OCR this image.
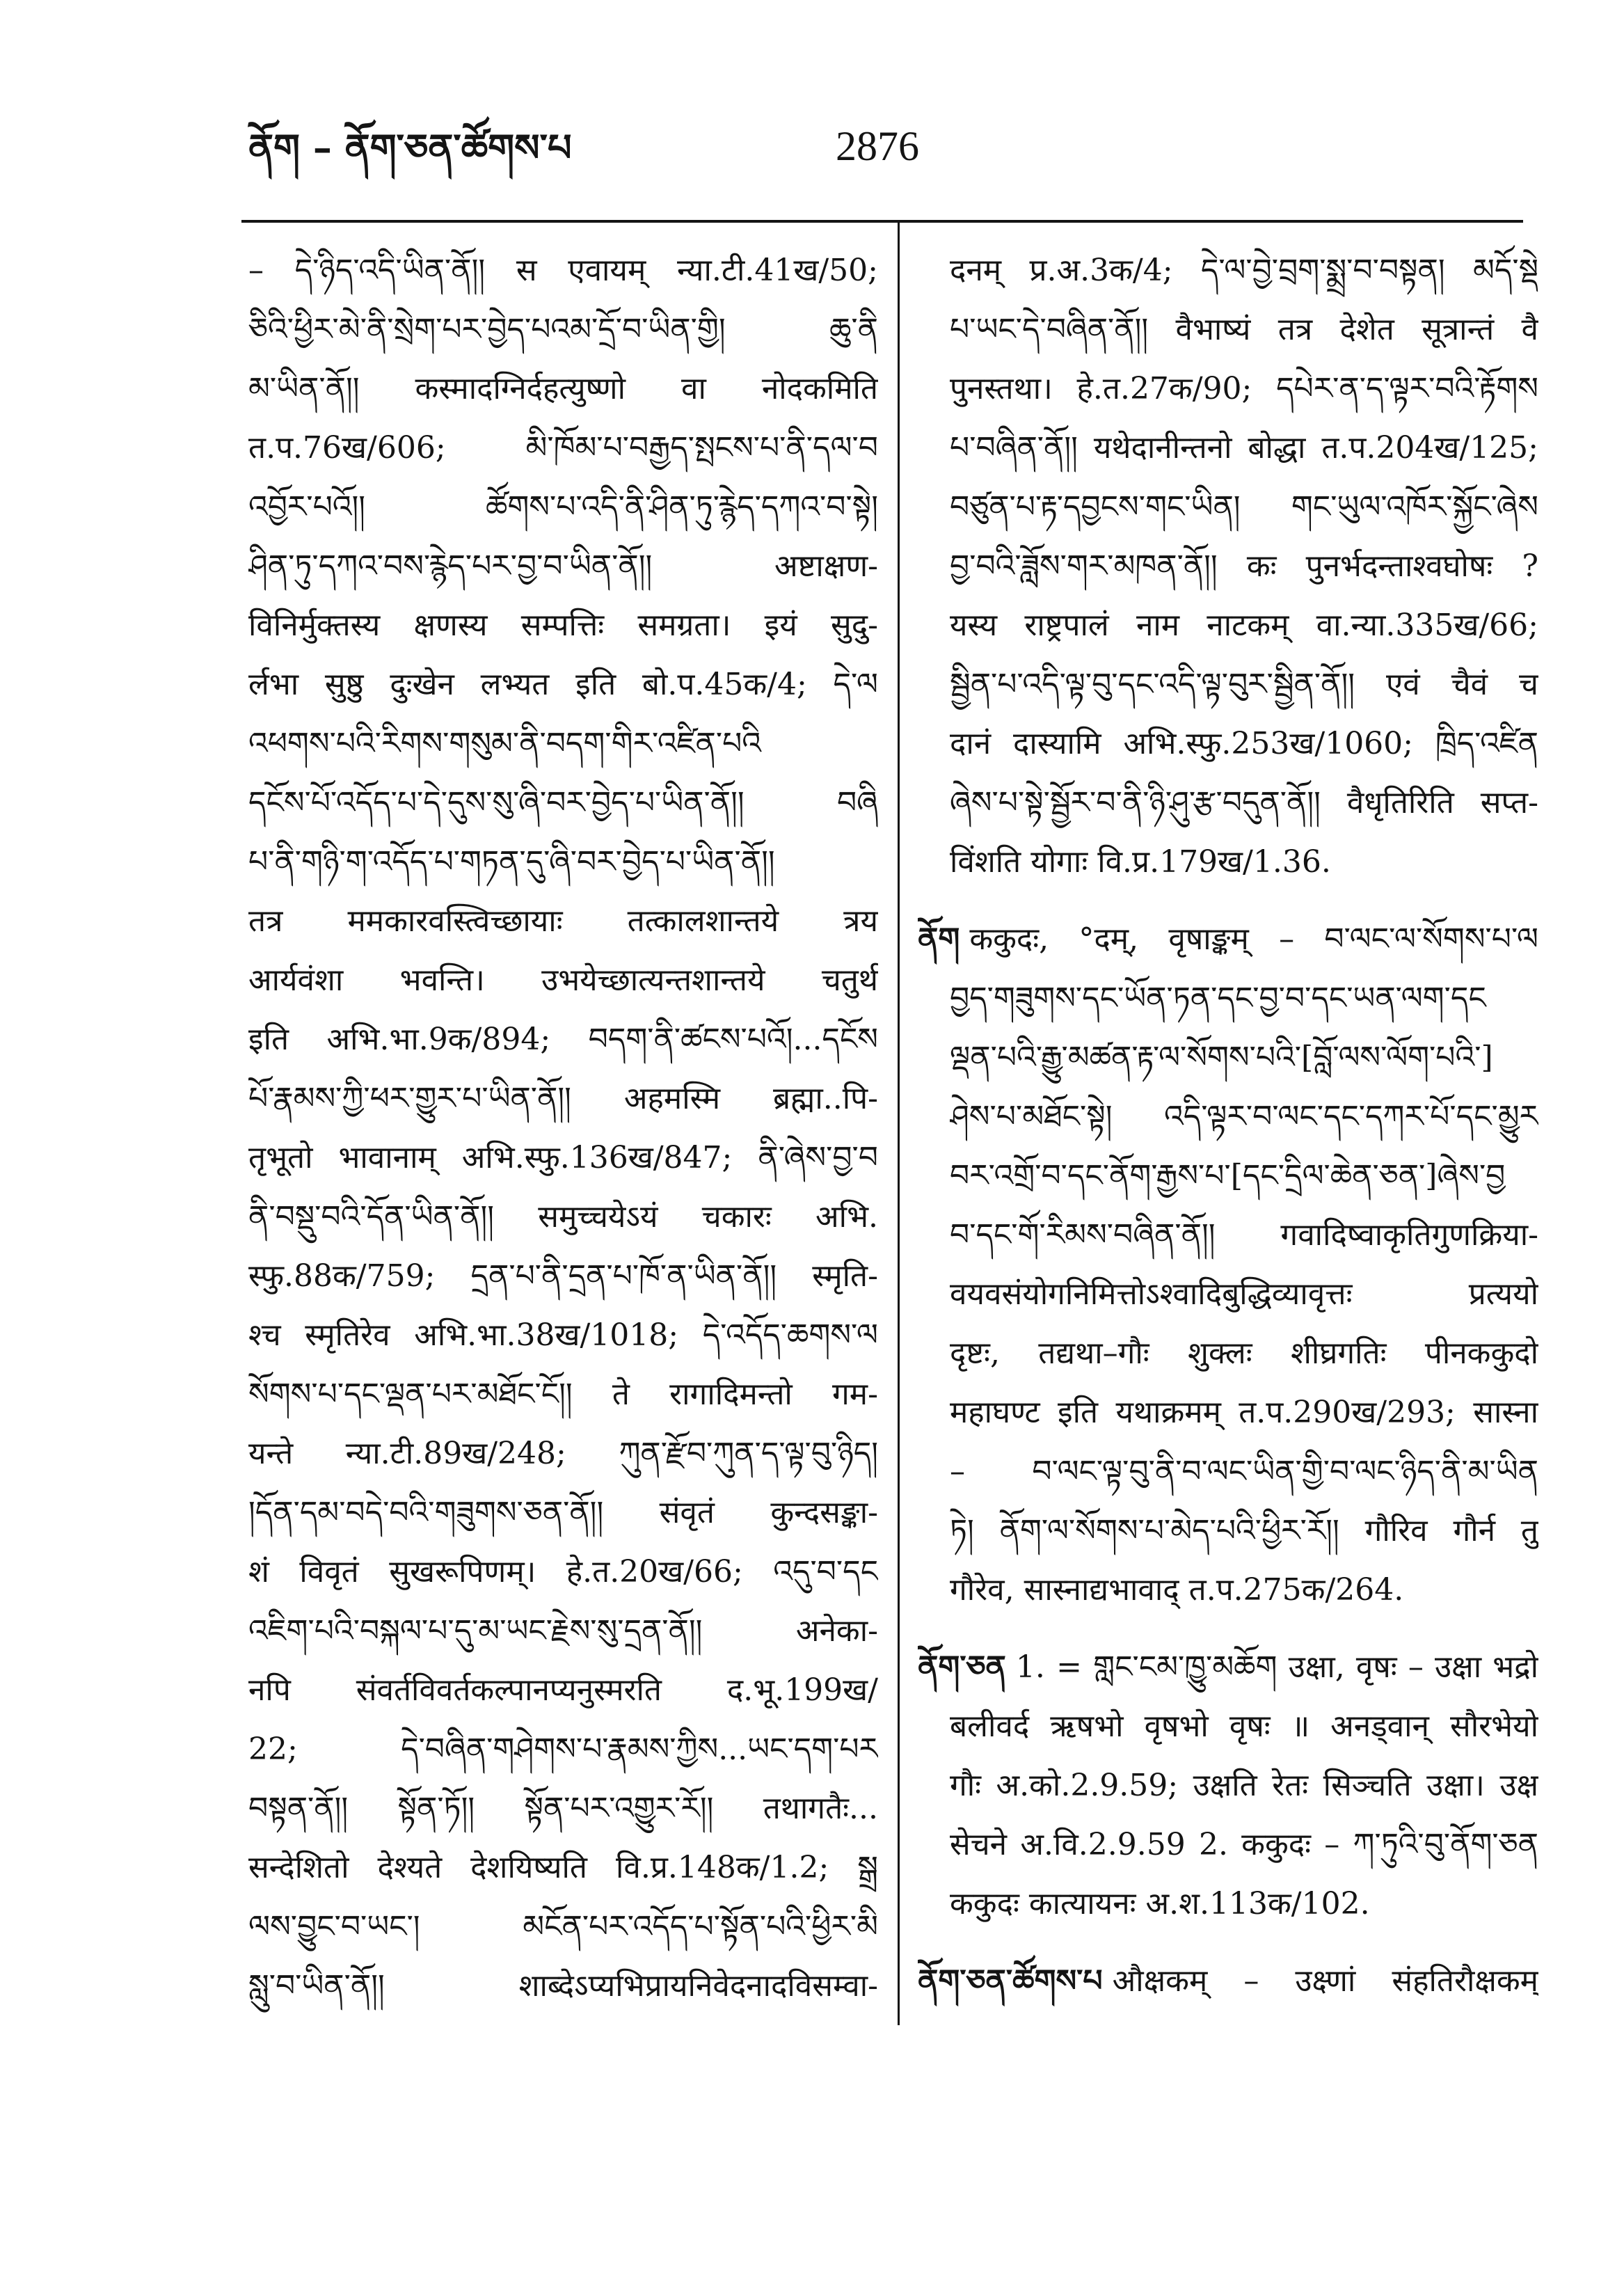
ནོག – ནོག་ཅན་ཚོགས་པ	2876
– དེ་ཉིད་འདི་ཡིན་ནོ།། स एवायम् न्या.टी.41ख/50;
ཅིའི་ཕྱིར་མེ་ནི་སྲེག་པར་བྱེད་པའམ་དྲོ་བ་ཡིན་གྱི། ཆུ་ནི
མ་ཡིན་ནོ།། कस्मादग्निर्दहत्युष्णो वा नोदकमिति
त.प.76ख/606; མི་ཁོམ་པ་བརྒྱད་སྤངས་པ་ནི་དལ་བ
འབྱོར་པའོ།། ཚོགས་པ་འདི་ནི་ཤིན་ཏུ་རྙེད་དཀའ་བ་སྟེ།
ཤིན་ཏུ་དཀའ་བས་རྙེད་པར་བྱ་བ་ཡིན་ནོ།། अष्टाक्षण-
विनिर्मुक्तस्य क्षणस्य सम्पत्तिः समग्रता। इयं सुदु-
र्लभा सुष्ठु दुःखेन लभ्यत इति बो.प.45क/4; དེ་ལ
འཕགས་པའི་རིགས་གསུམ་ནི་བདག་གིར་འཛིན་པའི
དངོས་པོ་འདོད་པ་དེ་དུས་སུ་ཞི་བར་བྱེད་པ་ཡིན་ནོ།། བཞི
པ་ནི་གཉི་ག་འདོད་པ་གཏན་དུ་ཞི་བར་བྱེད་པ་ཡིན་ནོ།།
तत्र ममकारवस्त्विच्छायाः तत्कालशान्तये त्रय
आर्यवंशा भवन्ति। उभयेच्छात्यन्तशान्तये चतुर्थ
इति अभि.भा.9क/894; བདག་ནི་ཚངས་པའོ།...དངོས
པོ་རྣམས་ཀྱི་ཕར་གྱུར་པ་ཡིན་ནོ།། अहमस्मि ब्रह्मा..पि-
तृभूतो भावानाम् अभि.स्फु.136ख/847; ནི་ཞེས་བྱ་བ
ནི་བསྡུ་བའི་དོན་ཡིན་ནོ།། समुच्चयेऽयं चकारः अभि.
स्फु.88क/759; དྲན་པ་ནི་དྲན་པ་ཁོ་ན་ཡིན་ནོ།། स्मृति-
श्च स्मृतिरेव अभि.भा.38ख/1018; དེ་འདོད་ཆགས་ལ
སོགས་པ་དང་ལྡན་པར་མཐོང་ངོ།། ते रागादिमन्तो गम-
यन्ते न्या.टी.89ख/248; ཀུན་རྫོབ་ཀུན་ད་ལྟ་བུ་ཉིད།
།དོན་དམ་བདེ་བའི་གཟུགས་ཅན་ནོ།། संवृतं कुन्दसङ्का-
शं विवृतं सुखरूपिणम्। हे.त.20ख/66; འདུ་བ་དང
འཇིག་པའི་བསྐལ་པ་དུ་མ་ཡང་རྗེས་སུ་དྲན་ནོ།། अनेका-
नपि संवर्तविवर्तकल्पानप्यनुस्मरति द.भू.199ख/
22; དེ་བཞིན་གཤེགས་པ་རྣམས་ཀྱིས...ཡང་དག་པར
བསྟན་ནོ།། སྟོན་ཏོ།། སྟོན་པར་འགྱུར་རོ།། तथागतैः...
सन्देशितो देश्यते देशयिष्यति वि.प्र.148क/1.2; སྒྲ
ལས་བྱུང་བ་ཡང་། མངོན་པར་འདོད་པ་སྟོན་པའི་ཕྱིར་མི
སླུ་བ་ཡིན་ནོ།། शाब्देऽप्यभिप्रायनिवेदनादविसम्वा-
दनम् प्र.अ.3क/4; དེ་ལ་བྱེ་བྲག་སྨྲ་བ་བསྟན། མདོ་སྡེ
པ་ཡང་དེ་བཞིན་ནོ།། वैभाष्यं तत्र देशेत सूत्रान्तं वै
पुनस्तथा। हे.त.27क/90; དཔེར་ན་ད་ལྟར་བའི་རྟོགས
པ་བཞིན་ནོ།། यथेदानीन्तनो बोद्धा त.प.204ख/125;
བཙུན་པ་རྟ་དབྱངས་གང་ཡིན། གང་ཡུལ་འཁོར་སྐྱོང་ཞེས
བྱ་བའི་ཟློས་གར་མཁན་ནོ།། कः पुनर्भदन्ताश्वघोषः ?
यस्य राष्ट्रपालं नाम नाटकम् वा.न्या.335ख/66;
སྦྱིན་པ་འདི་ལྟ་བུ་དང་འདི་ལྟ་བུར་སྦྱིན་ནོ།། एवं चैवं च
दानं दास्यामि अभि.स्फु.253ख/1060; ཁྲིད་འཛིན
ཞེས་པ་སྟེ་སྦྱོར་བ་ནི་ཉི་ཤུ་རྩ་བདུན་ནོ།། वैधृतिरिति सप्त-
विंशति योगाः वि.प्र.179ख/1.36.
ནོག ककुदः, °दम्, वृषाङ्कम् – བ་ལང་ལ་སོགས་པ་ལ
བྱད་གཟུགས་དང་ཡོན་ཏན་དང་བྱ་བ་དང་ཡན་ལག་དང
ལྡན་པའི་རྒྱུ་མཚན་རྟ་ལ་སོགས་པའི་[བློ་ལས་ལོག་པའི་]
ཤེས་པ་མཐོང་སྟེ། འདི་ལྟར་བ་ལང་དང་དཀར་པོ་དང་མྱུར
བར་འགྲོ་བ་དང་ནོག་རྒྱས་པ་[དང་དྲིལ་ཆེན་ཅན་]ཞེས་བྱ
བ་དང་གོ་རིམས་བཞིན་ནོ།། गवादिष्वाकृतिगुणक्रिया-
वयवसंयोगनिमित्तोऽश्वादिबुद्धिव्यावृत्तः प्रत्ययो
दृष्टः, तद्यथा–गौः शुक्लः शीघ्रगतिः पीनककुदो
महाघण्ट इति यथाक्रमम् त.प.290ख/293; सास्ना
– བ་ལང་ལྟ་བུ་ནི་བ་ལང་ཡིན་གྱི་བ་ལང་ཉིད་ནི་མ་ཡིན
ཏེ། ནོག་ལ་སོགས་པ་མེད་པའི་ཕྱིར་རོ།། गौरिव गौर्न तु
गौरेव, सास्नाद्यभावाद् त.प.275क/264.
ནོག་ཅན 1. = གླང་ངམ་ཁྱུ་མཆོག उक्षा, वृषः – उक्षा भद्रो
बलीवर्द ऋषभो वृषभो वृषः ॥ अनड्वान् सौरभेयो
गौः अ.को.2.9.59; उक्षति रेतः सिञ्चति उक्षा। उक्ष
सेचने अ.वि.2.9.59 2. ककुदः – ཀ་ཏུའི་བུ་ནོག་ཅན
ककुदः कात्यायनः अ.श.113क/102.
ནོག་ཅན་ཚོགས་པ औक्षकम् – उक्ष्णां संहतिरौक्षकम्
